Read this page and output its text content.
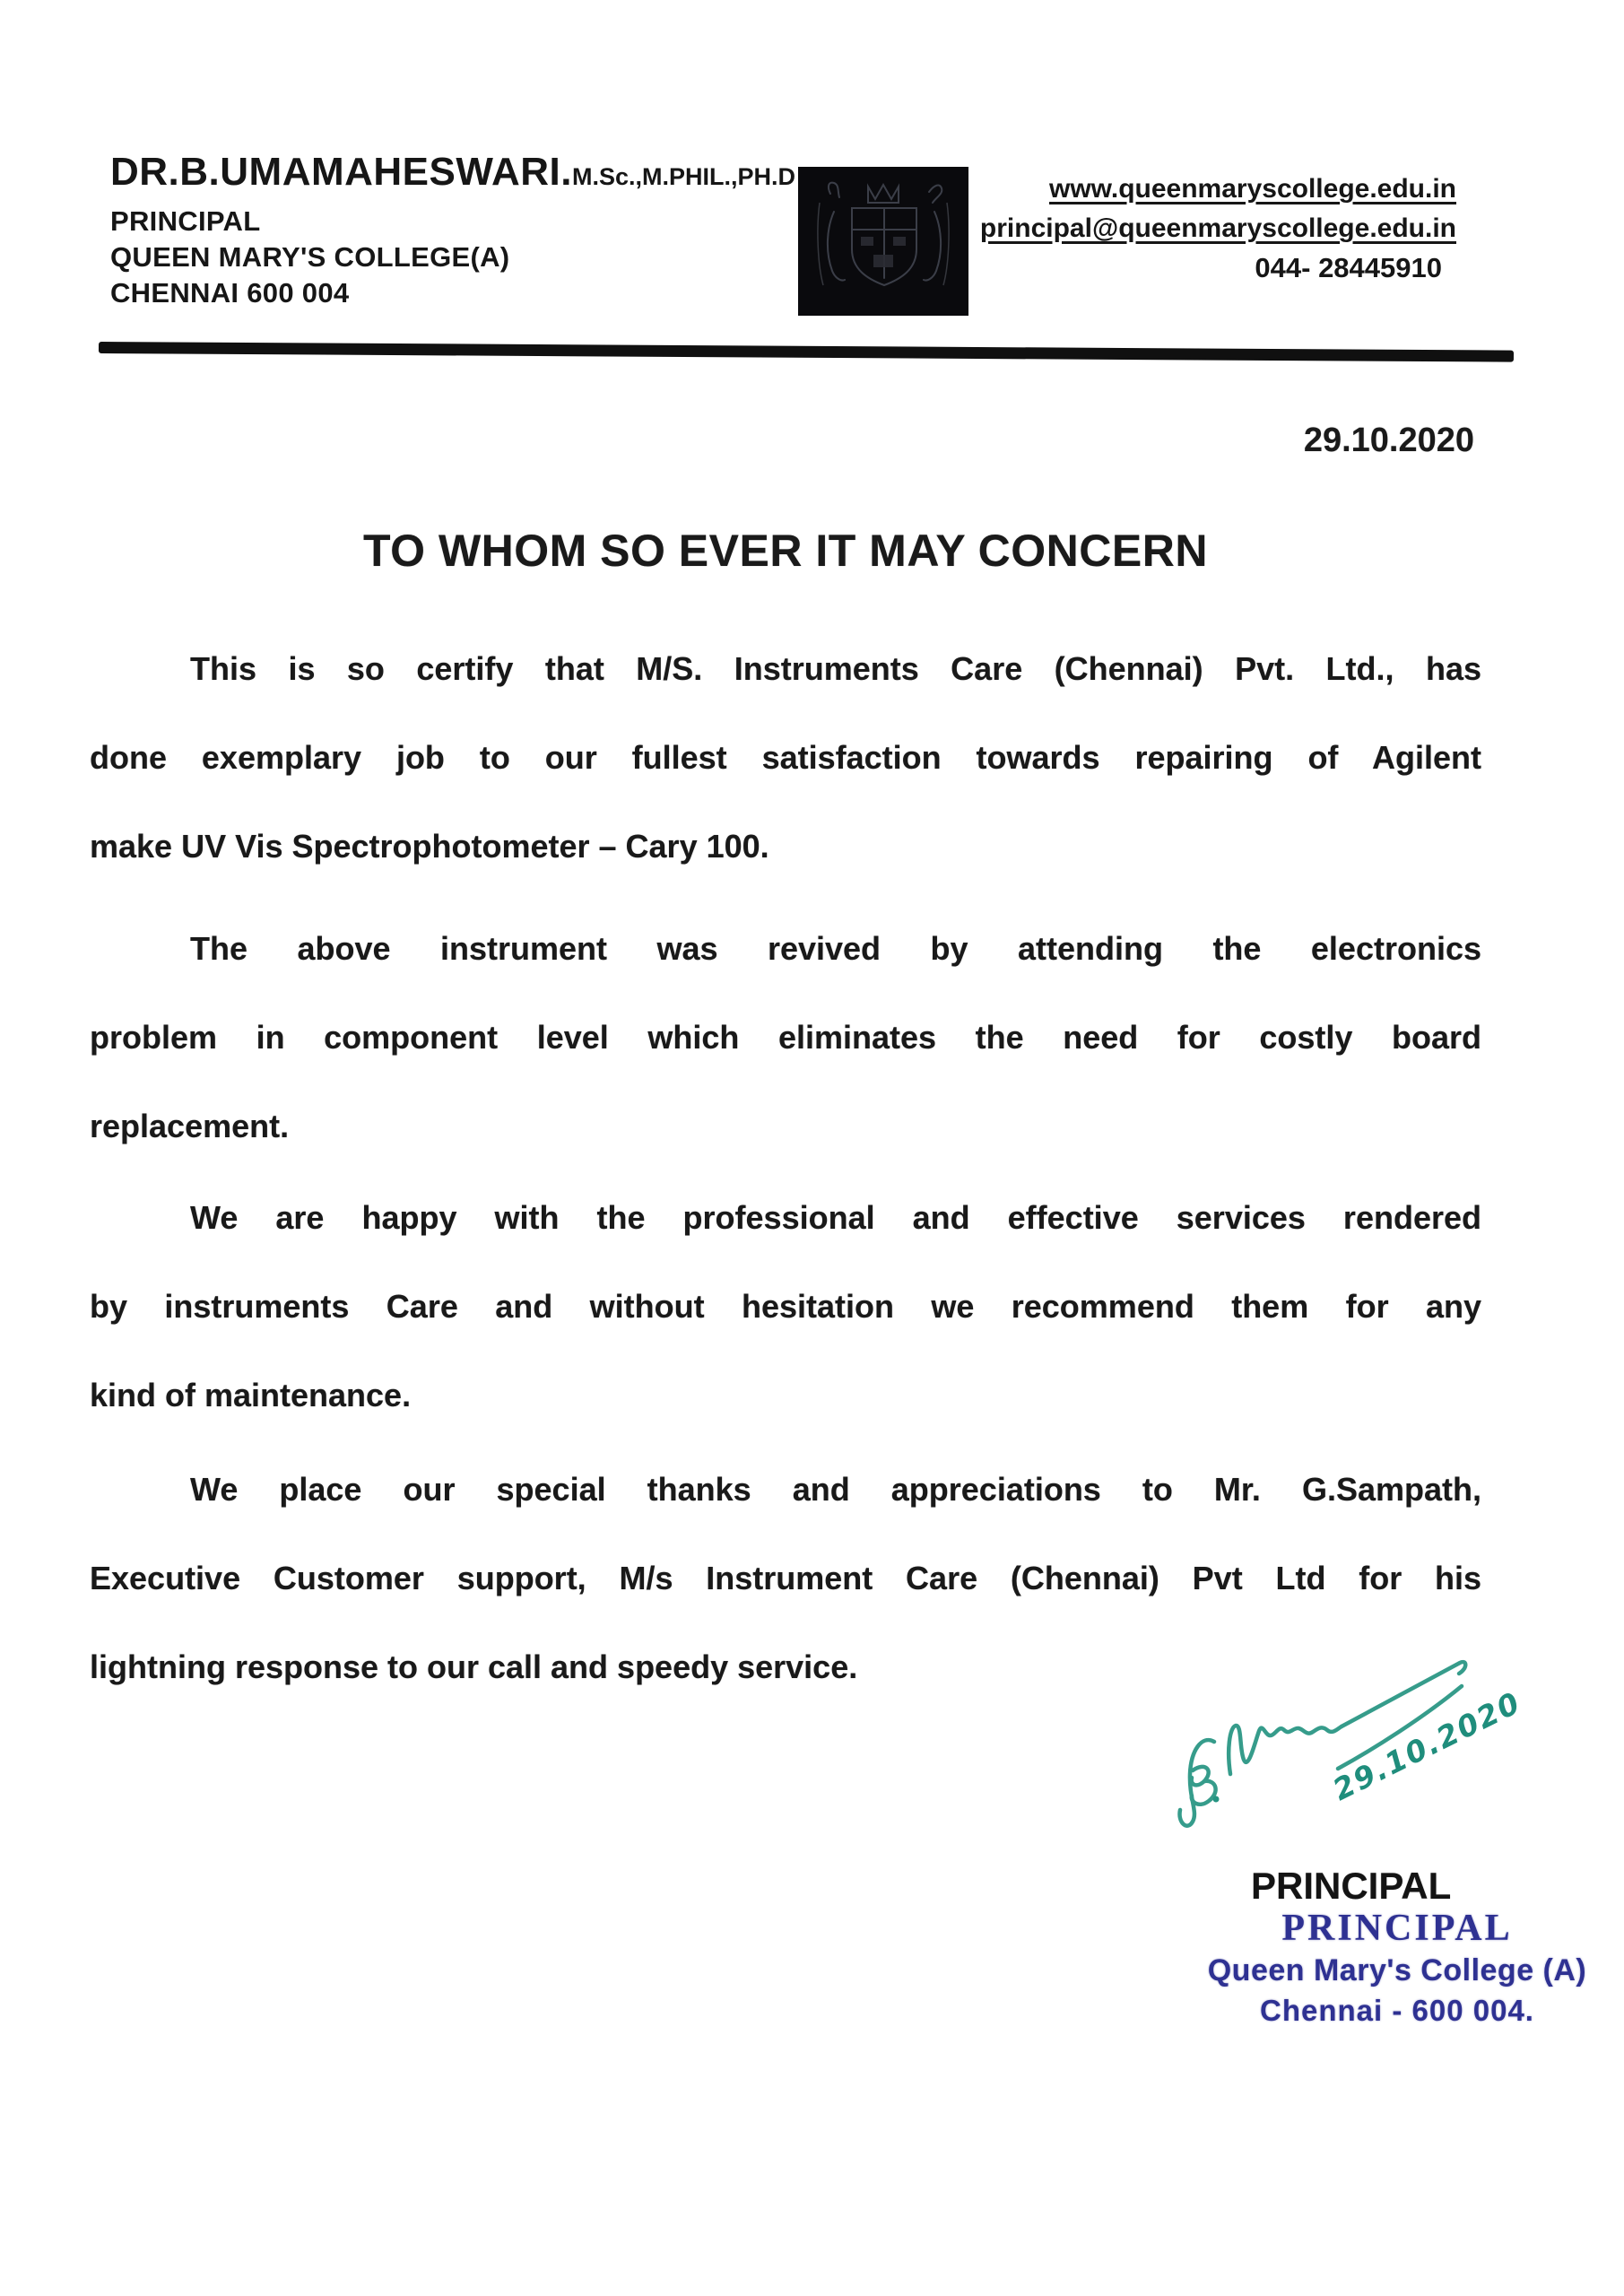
DR.B.UMAMAHESWARI.M.Sc.,M.PHIL.,PH.D
PRINCIPAL
QUEEN MARY'S COLLEGE(A)
CHENNAI 600 004
www.queenmaryscollege.edu.in
principal@queenmaryscollege.edu.in
044- 28445910
29.10.2020
TO WHOM SO EVER IT MAY CONCERN
This is so certify that M/S. Instruments Care (Chennai) Pvt. Ltd., has
done exemplary job to our fullest satisfaction towards repairing of Agilent
make UV Vis Spectrophotometer – Cary 100.
The above instrument was revived by attending the electronics
problem in component level which eliminates the need for costly board
replacement.
We are happy with the professional and effective services rendered
by instruments Care and without hesitation we recommend them for any
kind of maintenance.
We place our special thanks and appreciations to Mr. G.Sampath,
Executive Customer support, M/s Instrument Care (Chennai) Pvt Ltd for his
lightning response to our call and speedy service.
29.10.2020
PRINCIPAL
PRINCIPAL
Queen Mary's College (A)
Chennai - 600 004.
